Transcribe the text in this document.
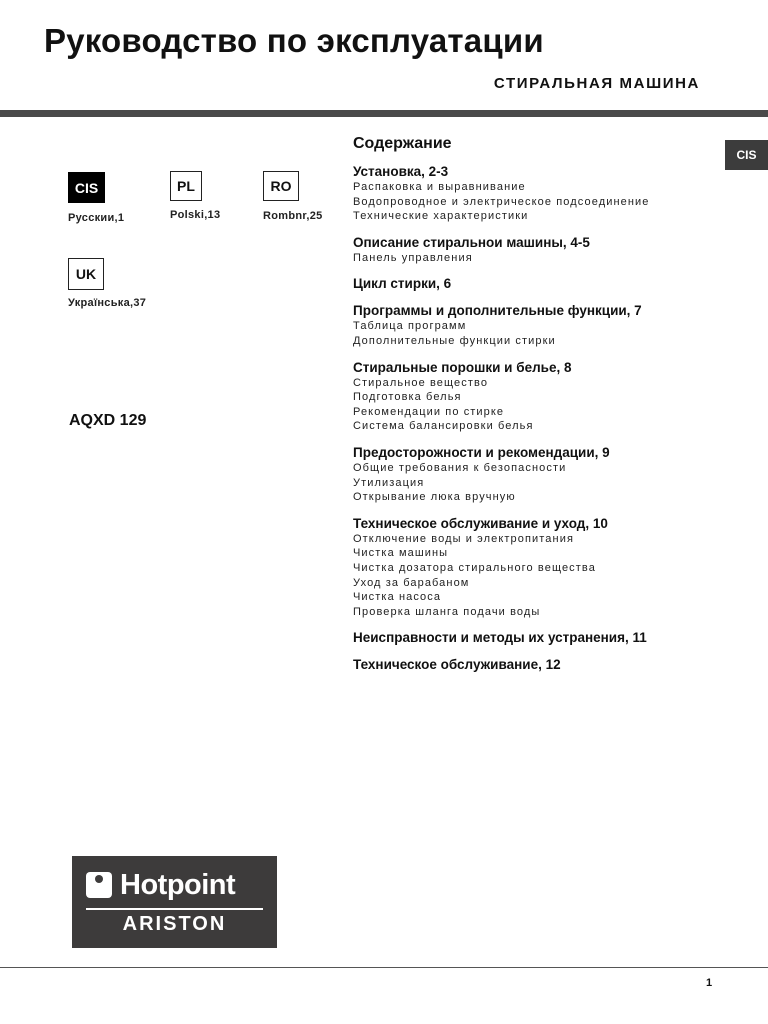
Руководство по эксплуатации
СТИРАЛЬНАЯ МАШИНА
CIS
CIS
Русскии,1
PL
Polski,13
RO
Rombnr,25
UK
Українська,37
AQXD 129
Содержание
Установка, 2-3
Распаковка и выравнивание
Водопроводное и электрическое подсоединение
Технические характеристики
Описание стиральнои машины, 4-5
Панель управления
Цикл стирки, 6
Программы и дополнительные функции, 7
Таблица программ
Дополнительные функции стирки
Стиральные порошки и белье, 8
Стиральное вещество
Подготовка белья
Рекомендации по стирке
Система балансировки белья
Предосторожности и рекомендации, 9
Общие требования к безопасности
Утилизация
Открывание люка вручную
Техническое обслуживание и уход, 10
Отключение воды и электропитания
Чистка машины
Чистка дозатора стирального вещества
Уход за барабаном
Чистка насоса
Проверка шланга подачи воды
Неисправности и методы их устранения, 11
Техническое обслуживание, 12
Hotpoint
ARISTON
1
